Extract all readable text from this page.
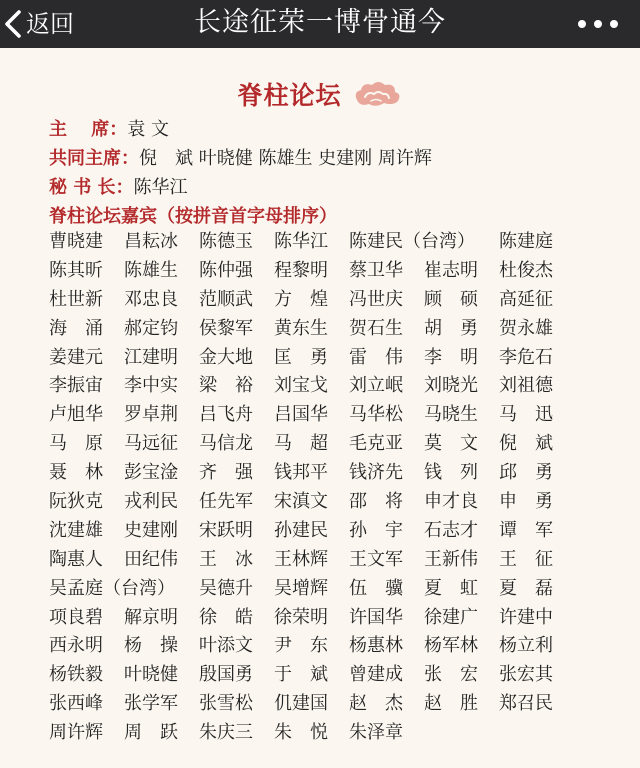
返回	长途征荣一博骨通今
脊柱论坛
主　 席：袁 文
共同主席：倪　斌 叶晓健 陈雄生 史建刚 周许辉
秘 书 长：陈华江
脊柱论坛嘉宾（按拼音首字母排序）
曹晓建	昌耘冰	陈德玉	陈华江	陈建民（台湾）	陈建庭
陈其昕	陈雄生	陈仲强	程黎明	蔡卫华	崔志明	杜俊杰
杜世新	邓忠良	范顺武	方　煌	冯世庆	顾　硕	高延征
海　涌	郝定钧	侯黎军	黄东生	贺石生	胡　勇	贺永雄
姜建元	江建明	金大地	匡　勇	雷　伟	李　明	李危石
李振宙	李中实	梁　裕	刘宝戈	刘立岷	刘晓光	刘祖德
卢旭华	罗卓荆	吕飞舟	吕国华	马华松	马晓生	马　迅
马　原	马远征	马信龙	马　超	毛克亚	莫　文	倪　斌
聂　林	彭宝淦	齐　强	钱邦平	钱济先	钱　列	邱　勇
阮狄克	戎利民	任先军	宋滇文	邵　将	申才良	申　勇
沈建雄	史建刚	宋跃明	孙建民	孙　宇	石志才	谭　军
陶惠人	田纪伟	王　冰	王林辉	王文军	王新伟	王　征
吴孟庭（台湾）	吴德升	吴增辉	伍　骥	夏　虹	夏　磊
项良碧	解京明	徐　皓	徐荣明	许国华	徐建广	许建中
西永明	杨　操	叶添文	尹　东	杨惠林	杨军林	杨立利
杨铁毅	叶晓健	殷国勇	于　斌	曾建成	张　宏	张宏其
张西峰	张学军	张雪松	仉建国	赵　杰	赵　胜	郑召民
周许辉	周　跃	朱庆三	朱　悦	朱泽章
